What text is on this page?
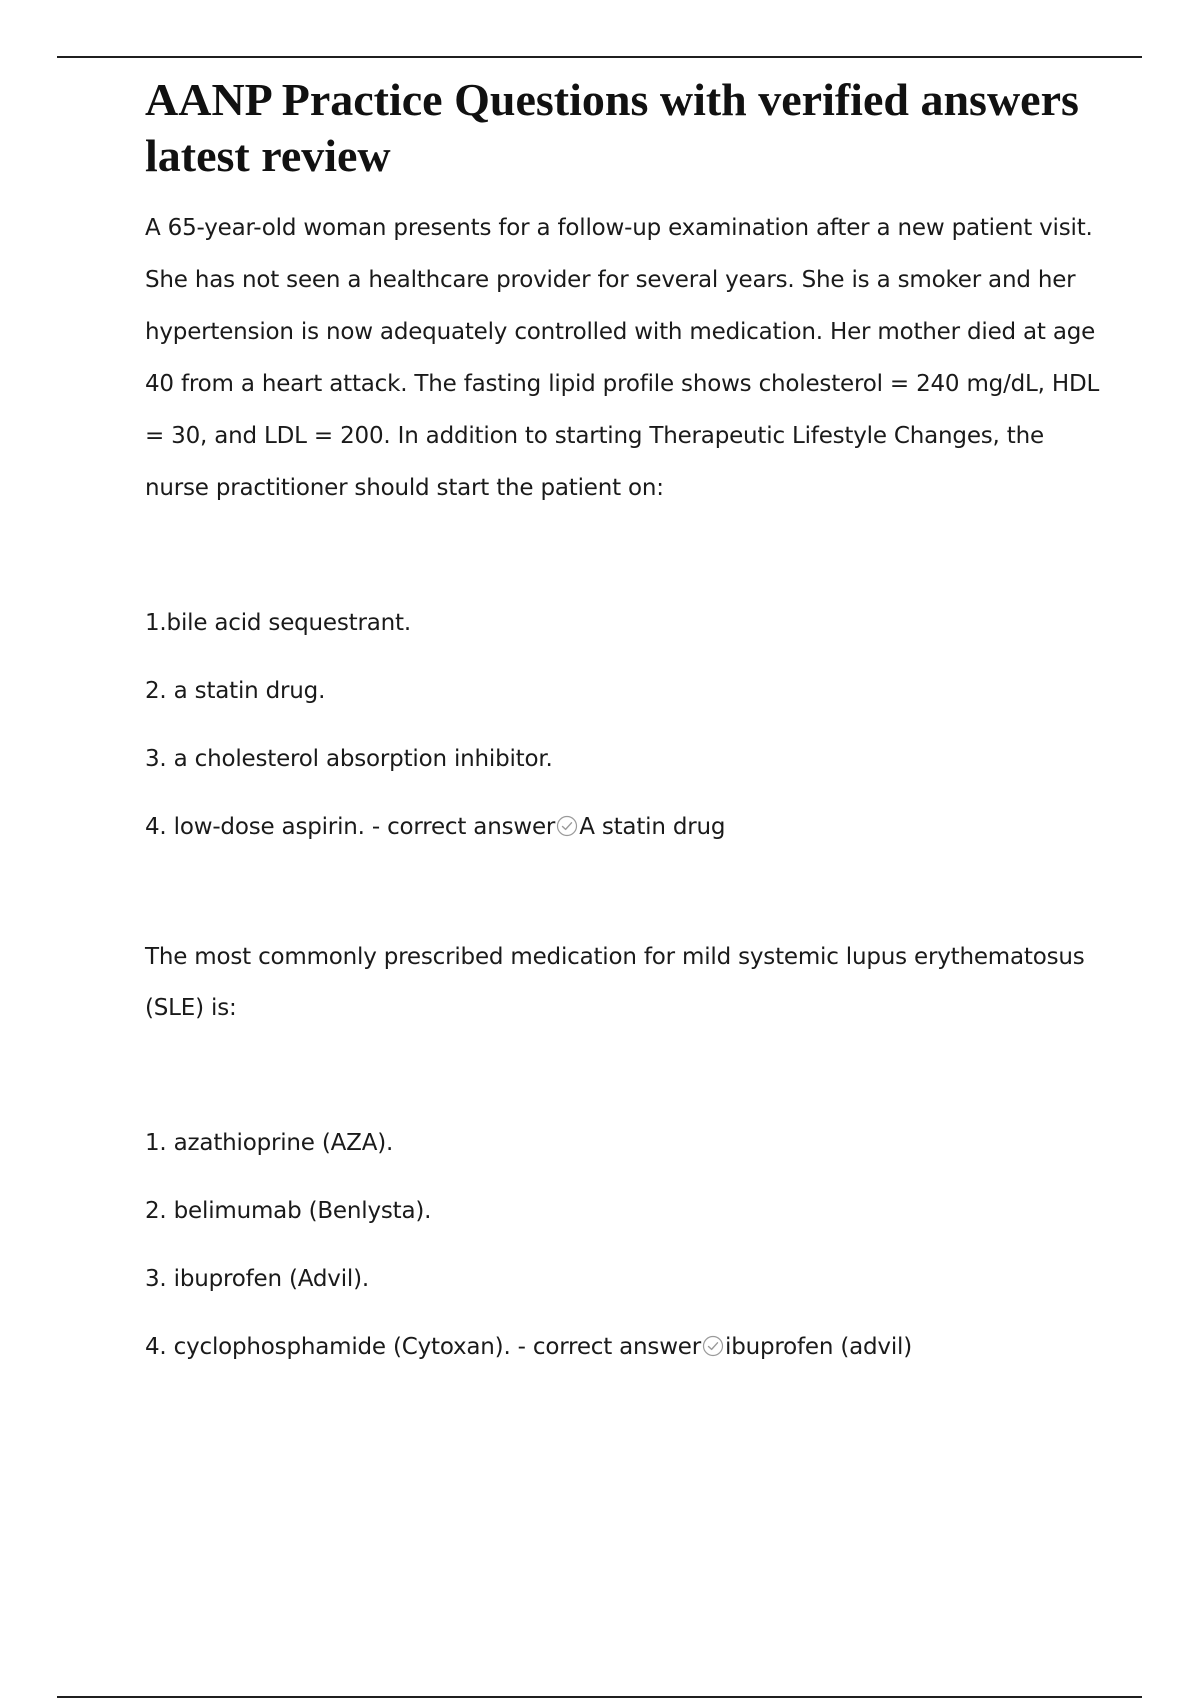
AANP Practice Questions with verified answers latest review

A 65-year-old woman presents for a follow-up examination after a new patient visit. She has not seen a healthcare provider for several years. She is a smoker and her hypertension is now adequately controlled with medication. Her mother died at age 40 from a heart attack. The fasting lipid profile shows cholesterol = 240 mg/dL, HDL = 30, and LDL = 200. In addition to starting Therapeutic Lifestyle Changes, the nurse practitioner should start the patient on:

1.bile acid sequestrant.
2. a statin drug.
3. a cholesterol absorption inhibitor.
4. low-dose aspirin. - correct answer A statin drug

The most commonly prescribed medication for mild systemic lupus erythematosus (SLE) is:

1. azathioprine (AZA).
2. belimumab (Benlysta).
3. ibuprofen (Advil).
4. cyclophosphamide (Cytoxan). - correct answer ibuprofen (advil)
